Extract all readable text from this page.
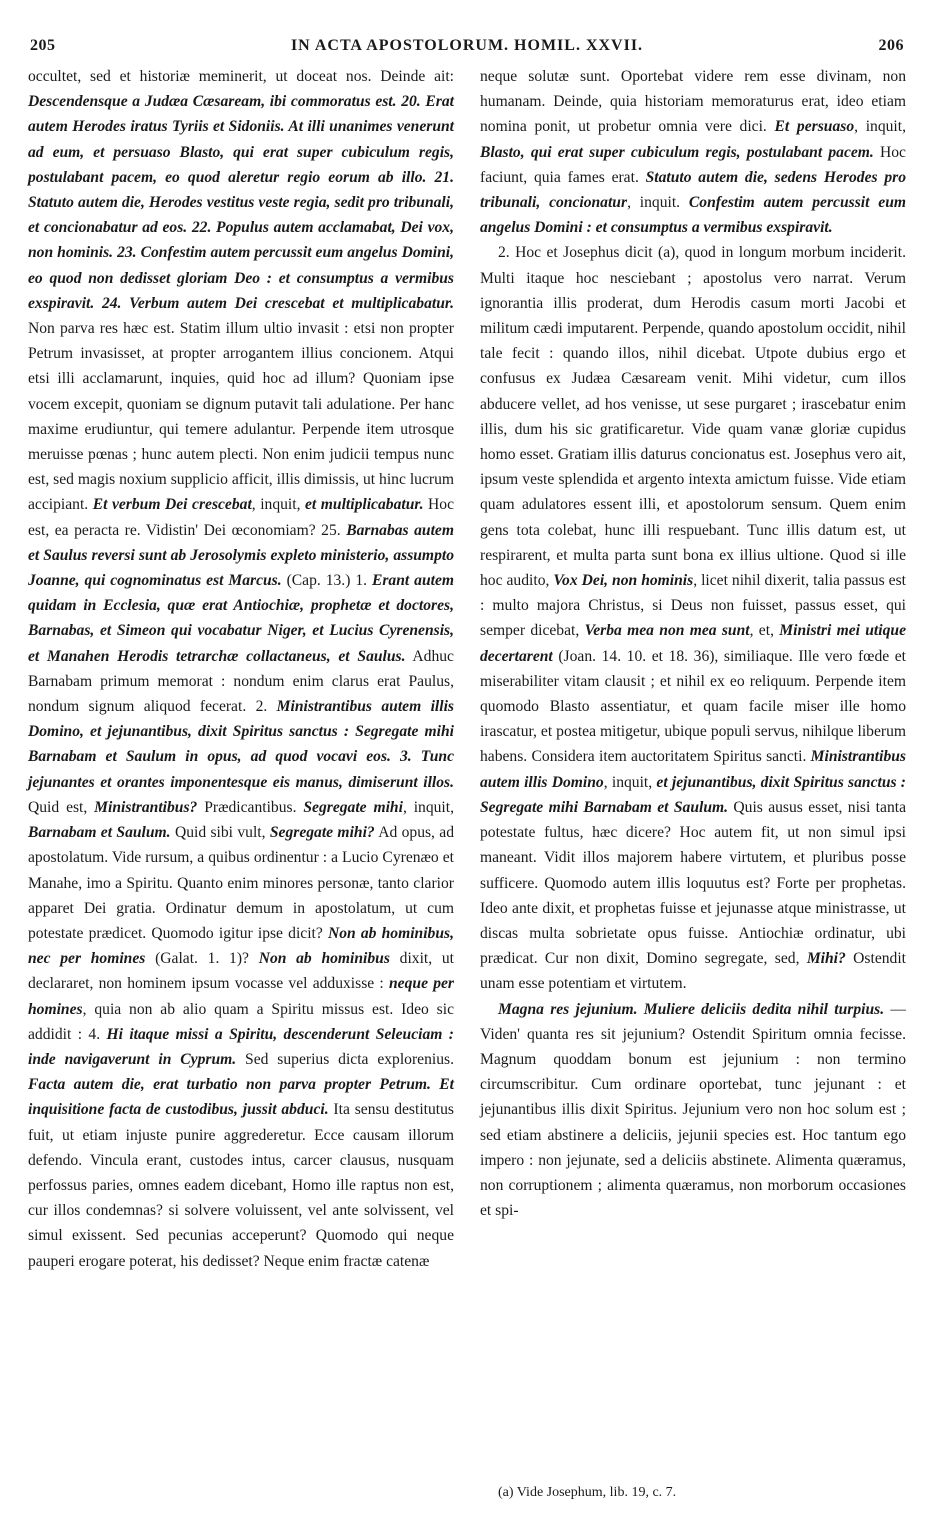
205	IN ACTA APOSTOLORUM. HOMIL. XXVII.	206

occultet, sed et historiæ meminerit, ut doceat nos. Deinde ait: Descendensque a Judæa Cæsaream, ibi commoratus est. 20. Erat autem Herodes iratus Tyriis et Sidoniis. At illi unanimes venerunt ad eum, et persuaso Blasto, qui erat super cubiculum regis, postulabant pacem, eo quod aleretur regio eorum ab illo. 21. Statuto autem die, Herodes vestitus veste regia, sedit pro tribunali, et concionabatur ad eos. 22. Populus autem acclamabat, Dei vox, non hominis. 23. Confestim autem percussit eum angelus Domini, eo quod non dedisset gloriam Deo : et consumptus a vermibus exspiravit. 24. Verbum autem Dei crescebat et multiplicabatur. Non parva res hæc est. Statim illum ultio invasit : etsi non propter Petrum invasisset, at propter arrogantem illius concionem. Atqui etsi illi acclamarunt, inquies, quid hoc ad illum? Quoniam ipse vocem excepit, quoniam se dignum putavit tali adulatione. Per hanc maxime erudiuntur, qui temere adulantur. Perpende item utrosque meruisse pœnas ; hunc autem plecti. Non enim judicii tempus nunc est, sed magis noxium supplicio afficit, illis dimissis, ut hinc lucrum accipiant. Et verbum Dei crescebat, inquit, et multiplicabatur. Hoc est, ea peracta re. Vidistin' Dei œconomiam? 25. Barnabas autem et Saulus reversi sunt ab Jerosolymis expleto ministerio, assumpto Joanne, qui cognominatus est Marcus. (Cap. 13.) 1. Erant autem quidam in Ecclesia, quæ erat Antiochiæ, prophetæ et doctores, Barnabas, et Simeon qui vocabatur Niger, et Lucius Cyrenensis, et Manahen Herodis tetrarchæ collactaneus, et Saulus. Adhuc Barnabam primum memorat : nondum enim clarus erat Paulus, nondum signum aliquod fecerat. 2. Ministrantibus autem illis Domino, et jejunantibus, dixit Spiritus sanctus : Segregate mihi Barnabam et Saulum in opus, ad quod vocavi eos. 3. Tunc jejunantes et orantes imponentesque eis manus, dimiserunt illos. Quid est, Ministrantibus? Prædicantibus. Segregate mihi, inquit, Barnabam et Saulum. Quid sibi vult, Segregate mihi? Ad opus, ad apostolatum. Vide rursum, a quibus ordinentur : a Lucio Cyrenæo et Manahe, imo a Spiritu. Quanto enim minores personæ, tanto clarior apparet Dei gratia. Ordinatur demum in apostolatum, ut cum potestate prædicet. Quomodo igitur ipse dicit? Non ab hominibus, nec per homines (Galat. 1. 1)? Non ab hominibus dixit, ut declararet, non hominem ipsum vocasse vel adduxisse : neque per homines, quia non ab alio quam a Spiritu missus est. Ideo sic addidit : 4. Hi itaque missi a Spiritu, descenderunt Seleuciam : inde navigaverunt in Cyprum. Sed superius dicta explorenius. Facta autem die, erat turbatio non parva propter Petrum. Et inquisitione facta de custodibus, jussit abduci. Ita sensu destitutus fuit, ut etiam injuste punire aggrederetur. Ecce causam illorum defendo. Vincula erant, custodes intus, carcer clausus, nusquam perfossus paries, omnes eadem dicebant, Homo ille raptus non est, cur illos condemnas? si solvere voluissent, vel ante solvissent, vel simul exissent. Sed pecunias acceperunt? Quomodo qui neque pauperi erogare poterat, his dedisset? Neque enim fractæ catenæ

neque solutæ sunt. Oportebat videre rem esse divinam, non humanam. Deinde, quia historiam memoraturus erat, ideo etiam nomina ponit, ut probetur omnia vere dici. Et persuaso, inquit, Blasto, qui erat super cubiculum regis, postulabant pacem. Hoc faciunt, quia fames erat. Statuto autem die, sedens Herodes pro tribunali, concionatur, inquit. Confestim autem percussit eum angelus Domini : et consumptus a vermibus exspiravit.

2. Hoc et Josephus dicit (a), quod in longum morbum inciderit. Multi itaque hoc nesciebant ; apostolus vero narrat. Verum ignorantia illis proderat, dum Herodis casum morti Jacobi et militum cædi imputarent. Perpende, quando apostolum occidit, nihil tale fecit : quando illos, nihil dicebat. Utpote dubius ergo et confusus ex Judæa Cæsaream venit. Mihi videtur, cum illos abducere vellet, ad hos venisse, ut sese purgaret ; irascebatur enim illis, dum his sic gratificaretur. Vide quam vanæ gloriæ cupidus homo esset. Gratiam illis daturus concionatus est. Josephus vero ait, ipsum veste splendida et argento intexta amictum fuisse. Vide etiam quam adulatores essent illi, et apostolorum sensum. Quem enim gens tota colebat, hunc illi respuebant. Tunc illis datum est, ut respirarent, et multa parta sunt bona ex illius ultione. Quod si ille hoc audito, Vox Dei, non hominis, licet nihil dixerit, talia passus est : multo majora Christus, si Deus non fuisset, passus esset, qui semper dicebat, Verba mea non mea sunt, et, Ministri mei utique decertarent (Joan. 14. 10. et 18. 36), similiaque. Ille vero fœde et miserabiliter vitam clausit ; et nihil ex eo reliquum. Perpende item quomodo Blasto assentiatur, et quam facile miser ille homo irascatur, et postea mitigetur, ubique populi servus, nihilque liberum habens. Considera item auctoritatem Spiritus sancti. Ministrantibus autem illis Domino, inquit, et jejunantibus, dixit Spiritus sanctus : Segregate mihi Barnabam et Saulum. Quis ausus esset, nisi tanta potestate fultus, hæc dicere? Hoc autem fit, ut non simul ipsi maneant. Vidit illos majorem habere virtutem, et pluribus posse sufficere. Quomodo autem illis loquutus est? Forte per prophetas. Ideo ante dixit, et prophetas fuisse et jejunasse atque ministrasse, ut discas multa sobrietate opus fuisse. Antiochiæ ordinatur, ubi prædicat. Cur non dixit, Domino segregate, sed, Mihi? Ostendit unam esse potentiam et virtutem.

Magna res jejunium. Muliere deliciis dedita nihil turpius. — Viden' quanta res sit jejunium? Ostendit Spiritum omnia fecisse. Magnum quoddam bonum est jejunium : non termino circumscribitur. Cum ordinare oportebat, tunc jejunant : et jejunantibus illis dixit Spiritus. Jejunium vero non hoc solum est ; sed etiam abstinere a deliciis, jejunii species est. Hoc tantum ego impero : non jejunate, sed a deliciis abstinete. Alimenta quæramus, non corruptionem ; alimenta quæramus, non morborum occasiones et spi-

(a) Vide Josephum, lib. 19, c. 7.
